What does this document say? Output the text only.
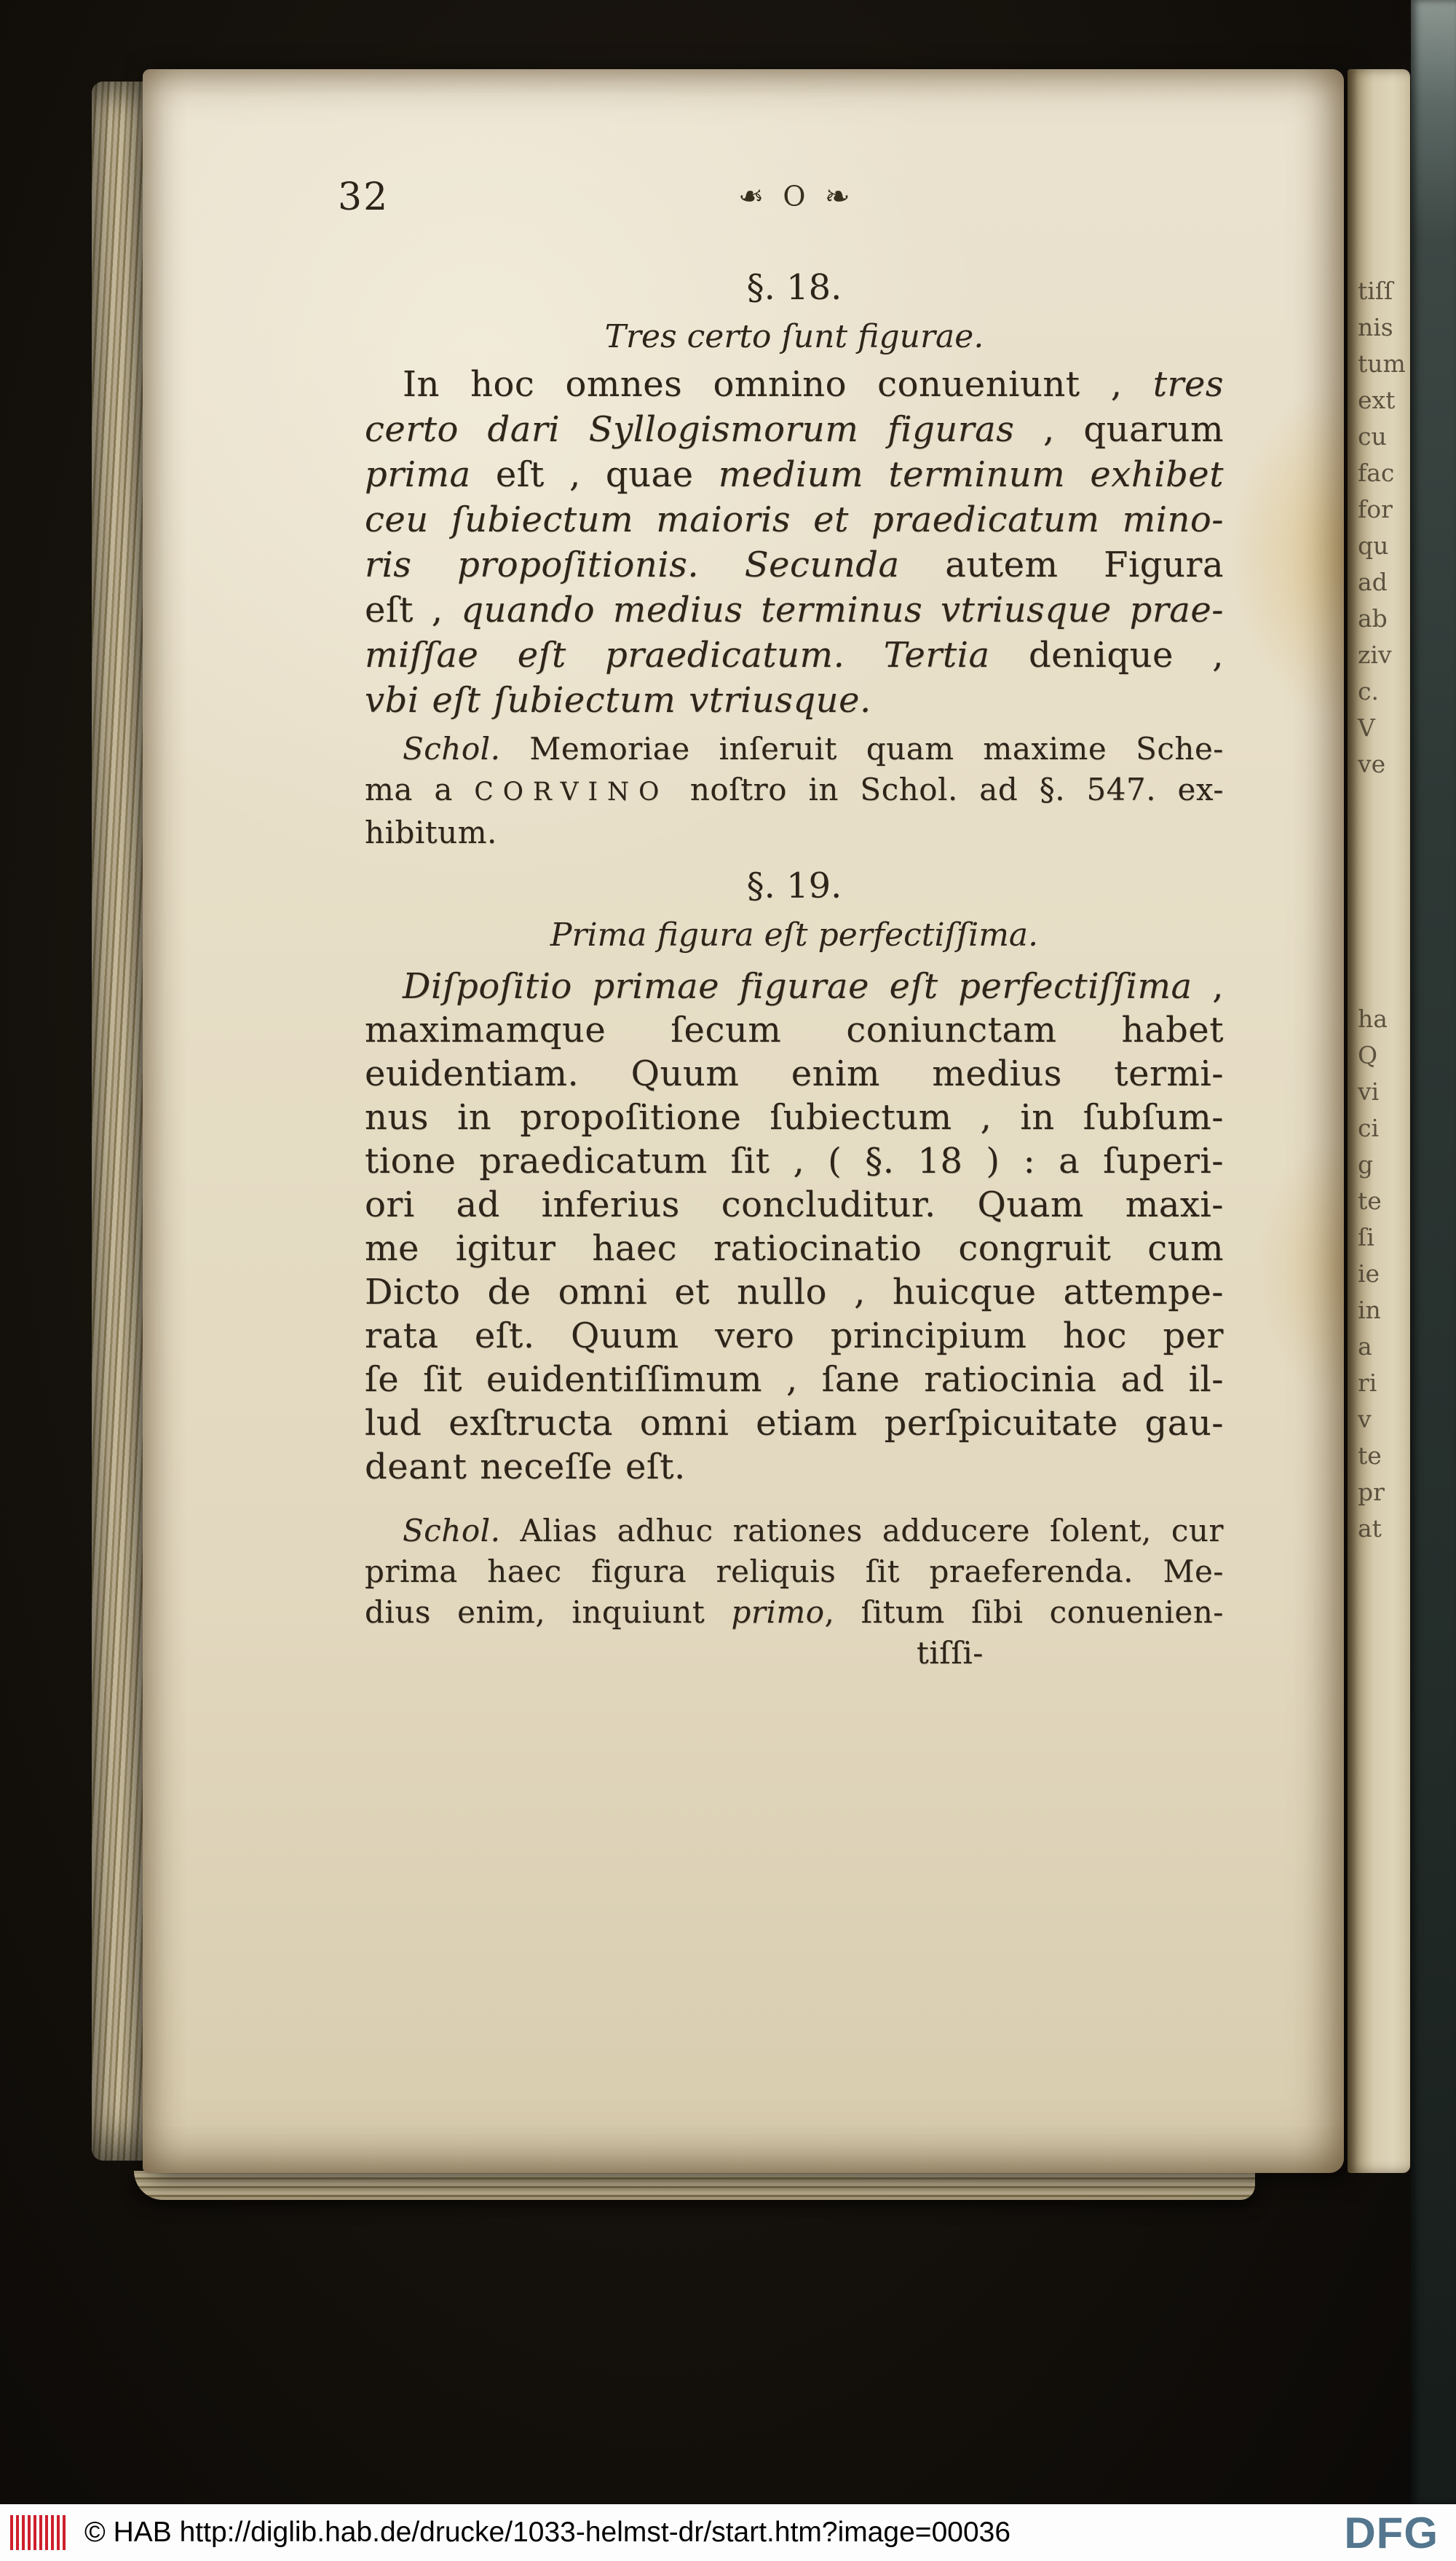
32	❧ O ❧
§. 18.
Tres certo ſunt figurae.
In hoc omnes omnino conueniunt , tres
certo dari Syllogismorum figuras , quarum
prima eſt , quae medium terminum exhibet
ceu ſubiectum maioris et praedicatum mino-
ris propoſitionis. Secunda autem Figura
eſt , quando medius terminus vtriusque prae-
miſſae eſt praedicatum. Tertia denique ,
vbi eſt ſubiectum vtriusque.
Schol. Memoriae inſeruit quam maxime Sche-
ma a CORVINO noſtro in Schol. ad §. 547. ex-
hibitum.
§. 19.
Prima figura eſt perfectiſſima.
Diſpoſitio primae figurae eſt perfectiſſima ,
maximamque ſecum coniunctam habet
euidentiam. Quum enim medius termi-
nus in propoſitione ſubiectum , in ſubſum-
tione praedicatum ſit , ( §. 18 ) : a ſuperi-
ori ad inferius concluditur. Quam maxi-
me igitur haec ratiocinatio congruit cum
Dicto de omni et nullo , huicque attempe-
rata eſt. Quum vero principium hoc per
ſe ſit euidentiſſimum , ſane ratiocinia ad il-
lud exſtructa omni etiam perſpicuitate gau-
deant neceſſe eſt.
Schol. Alias adhuc rationes adducere ſolent, cur
prima haec figura reliquis ſit praeferenda. Me-
dius enim, inquiunt primo, ſitum ſibi conuenien-
tiſſi-
tiſſ
nis
tum
ext
cu
fac
for
qu
ad
ab
ziv
c.
V
ve
ha
Q
vi
ci
g
te
ſi
ie
in
a
ri
v
te
pr
at
© HAB http://diglib.hab.de/drucke/1033-helmst-dr/start.htm?image=00036	DFG
